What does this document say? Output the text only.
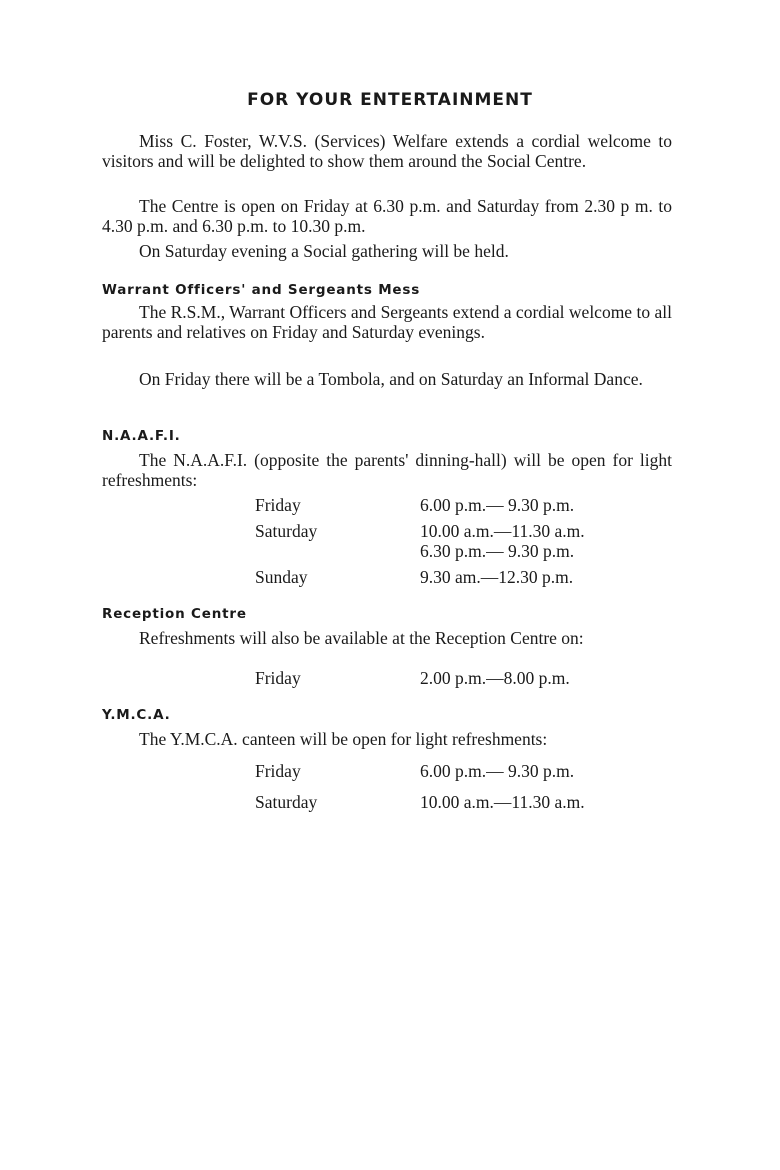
FOR YOUR ENTERTAINMENT

Miss C. Foster, W.V.S. (Services) Welfare extends a cordial welcome to visitors and will be delighted to show them around the Social Centre.

The Centre is open on Friday at 6.30 p.m. and Saturday from 2.30 p m. to 4.30 p.m. and 6.30 p.m. to 10.30 p.m.

On Saturday evening a Social gathering will be held.

Warrant Officers' and Sergeants Mess

The R.S.M., Warrant Officers and Sergeants extend a cordial welcome to all parents and relatives on Friday and Saturday evenings.

On Friday there will be a Tombola, and on Saturday an Informal Dance.

N.A.A.F.I.

The N.A.A.F.I. (opposite the parents' dinning-hall) will be open for light refreshments:

Friday	6.00 p.m.— 9.30 p.m.
Saturday	10.00 a.m.—11.30 a.m.
6.30 p.m.— 9.30 p.m.
Sunday	9.30 am.—12.30 p.m.
Reception Centre

Refreshments will also be available at the Reception Centre on:

Friday	2.00 p.m.—8.00 p.m.
Y.M.C.A.

The Y.M.C.A. canteen will be open for light refreshments:

Friday	6.00 p.m.— 9.30 p.m.
Saturday	10.00 a.m.—11.30 a.m.
